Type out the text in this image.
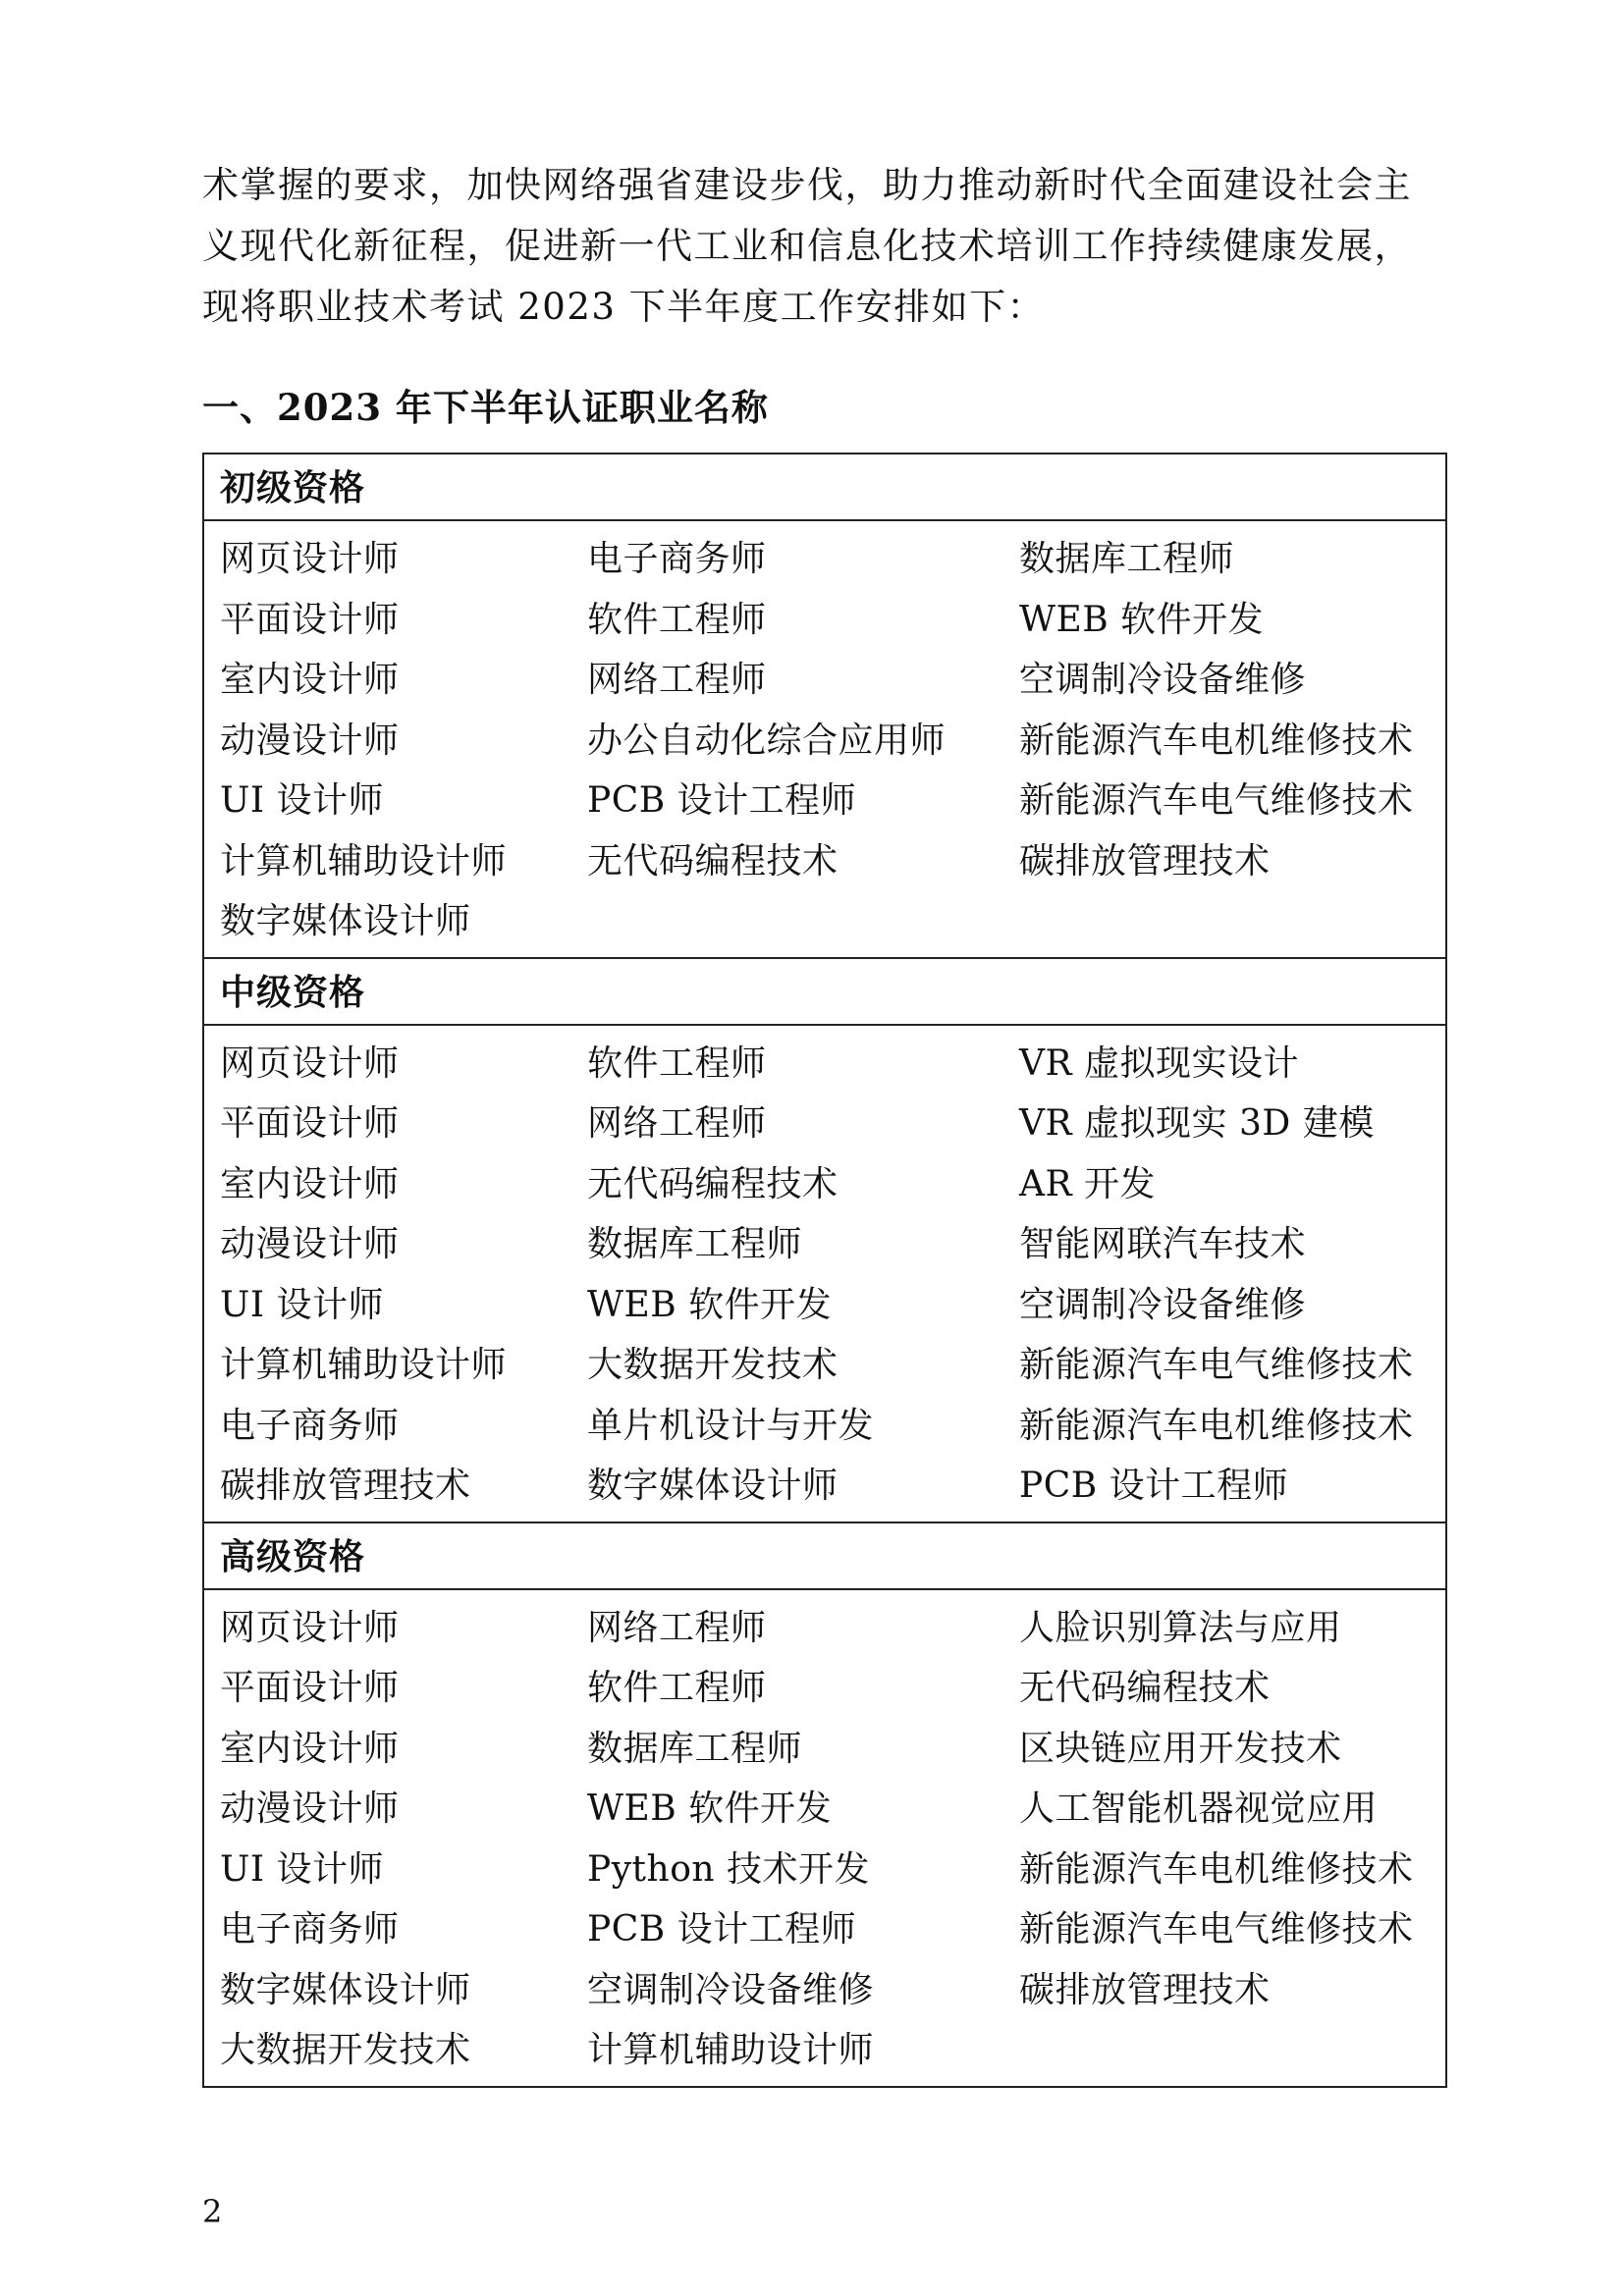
术掌握的要求，加快网络强省建设步伐，助力推动新时代全面建设社会主
义现代化新征程，促进新一代工业和信息化技术培训工作持续健康发展，
现将职业技术考试 2023 下半年度工作安排如下：
一、2023 年下半年认证职业名称
初级资格
网页设计师	电子商务师	数据库工程师
平面设计师	软件工程师	WEB 软件开发
室内设计师	网络工程师	空调制冷设备维修
动漫设计师	办公自动化综合应用师	新能源汽车电机维修技术
UI 设计师	PCB 设计工程师	新能源汽车电气维修技术
计算机辅助设计师	无代码编程技术	碳排放管理技术
数字媒体设计师
中级资格
网页设计师	软件工程师	VR 虚拟现实设计
平面设计师	网络工程师	VR 虚拟现实 3D 建模
室内设计师	无代码编程技术	AR 开发
动漫设计师	数据库工程师	智能网联汽车技术
UI 设计师	WEB 软件开发	空调制冷设备维修
计算机辅助设计师	大数据开发技术	新能源汽车电气维修技术
电子商务师	单片机设计与开发	新能源汽车电机维修技术
碳排放管理技术	数字媒体设计师	PCB 设计工程师
高级资格
网页设计师	网络工程师	人脸识别算法与应用
平面设计师	软件工程师	无代码编程技术
室内设计师	数据库工程师	区块链应用开发技术
动漫设计师	WEB 软件开发	人工智能机器视觉应用
UI 设计师	Python 技术开发	新能源汽车电机维修技术
电子商务师	PCB 设计工程师	新能源汽车电气维修技术
数字媒体设计师	空调制冷设备维修	碳排放管理技术
大数据开发技术	计算机辅助设计师
2
